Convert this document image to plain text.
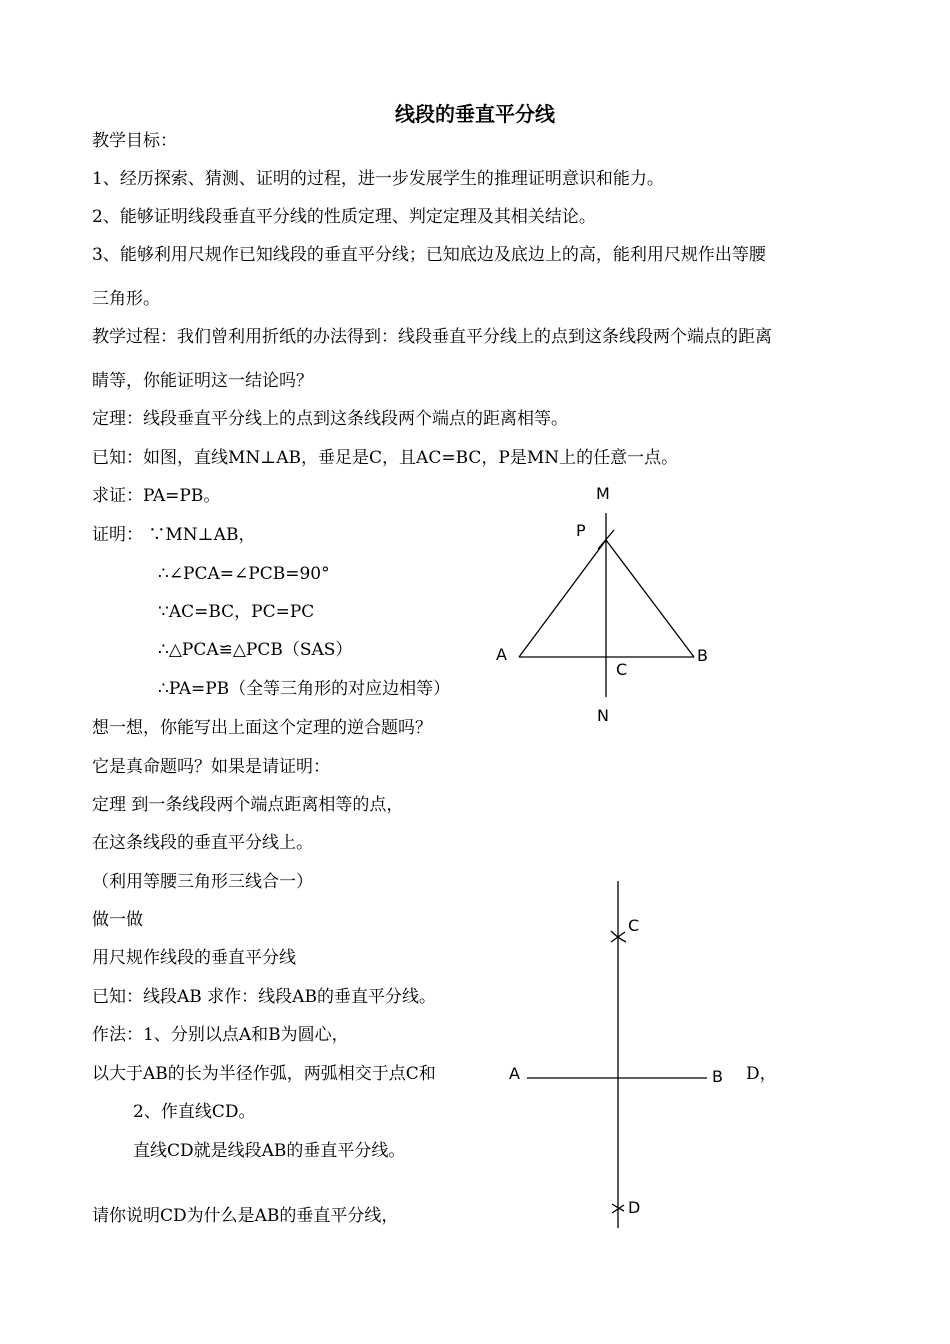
线段的垂直平分线
教学目标：
1、经历探索、猜测、证明的过程，进一步发展学生的推理证明意识和能力。
2、能够证明线段垂直平分线的性质定理、判定定理及其相关结论。
3、能够利用尺规作已知线段的垂直平分线；已知底边及底边上的高，能利用尺规作出等腰
三角形。
教学过程：我们曾利用折纸的办法得到：线段垂直平分线上的点到这条线段两个端点的距离
睛等，你能证明这一结论吗？
定理：线段垂直平分线上的点到这条线段两个端点的距离相等。
已知：如图，直线MN⊥AB，垂足是C，且AC=BC，P是MN上的任意一点。
求证：PA=PB。
证明： ∵MN⊥AB，
∴∠PCA=∠PCB=90°
∵AC=BC，PC=PC
∴△PCA≌△PCB（SAS）
∴PA=PB（全等三角形的对应边相等）
想一想，你能写出上面这个定理的逆合题吗？
它是真命题吗？如果是请证明：
定理 到一条线段两个端点距离相等的点，
在这条线段的垂直平分线上。
（利用等腰三角形三线合一）
做一做
用尺规作线段的垂直平分线
已知：线段AB 求作：线段AB的垂直平分线。
作法：1、分别以点A和B为圆心，
以大于AB的长为半径作弧，两弧相交于点C和	D，
2、作直线CD。
直线CD就是线段AB的垂直平分线。
请你说明CD为什么是AB的垂直平分线，
M
P
A	B
C
N
C
A	B
D
